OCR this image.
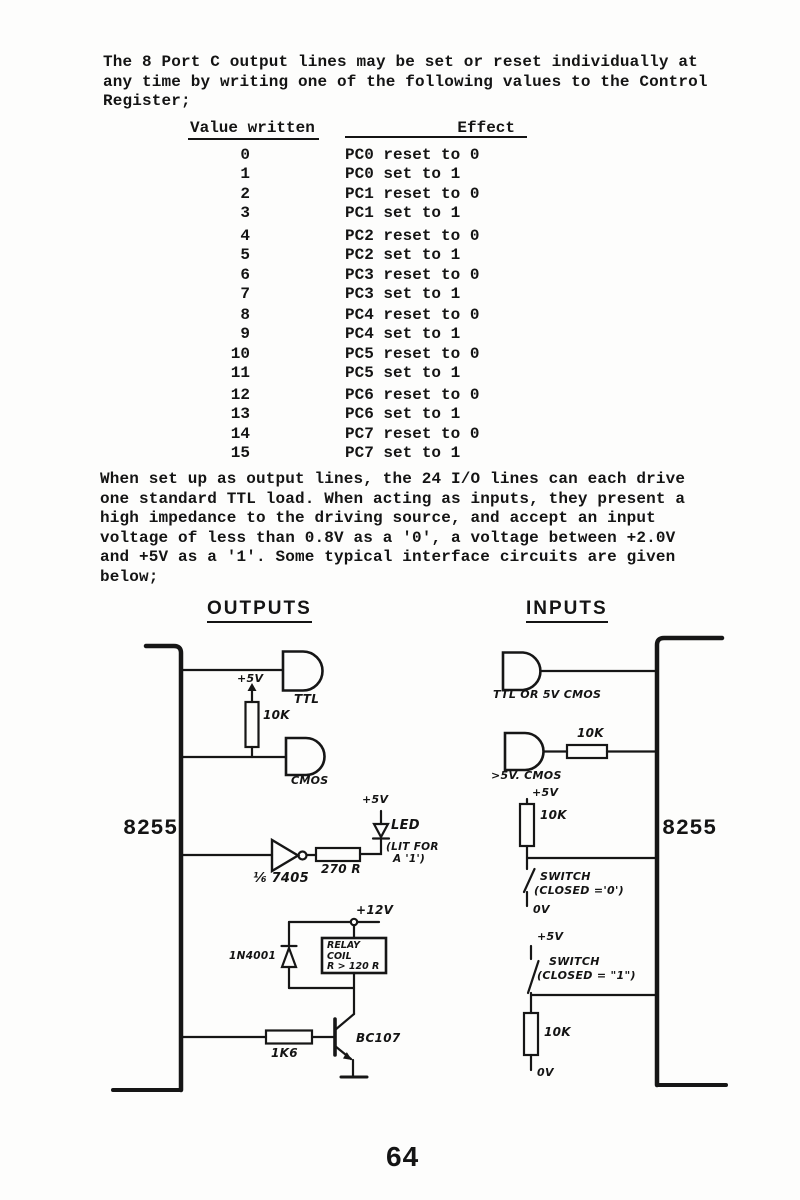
The 8 Port C output lines may be set or reset individually at
any time by writing one of the following values to the Control
Register;
Value written	Effect
0	PC0 reset to 0
1	PC0 set to 1
2	PC1 reset to 0
3	PC1 set to 1
4	PC2 reset to 0
5	PC2 set to 1
6	PC3 reset to 0
7	PC3 set to 1
8	PC4 reset to 0
9	PC4 set to 1
10	PC5 reset to 0
11	PC5 set to 1
12	PC6 reset to 0
13	PC6 set to 1
14	PC7 reset to 0
15	PC7 set to 1
When set up as output lines, the 24 I/O lines can each drive
one standard TTL load. When acting as inputs, they present a
high impedance to the driving source, and accept an input
voltage of less than 0.8V as a '0', a voltage between +2.0V
and +5V as a '1'. Some typical interface circuits are given
below;
OUTPUTS	INPUTS
8255	8255
+5V
TTL
10K
CMOS
⅙ 7405
270 R
+5V
LED
(LIT FOR
A '1')
+12V
1N4001
RELAY
COIL
R > 120 R
1K6
BC107
TTL OR 5V CMOS
10K
>5V. CMOS
+5V
10K
SWITCH
(CLOSED ='0')
0V
+5V
SWITCH
(CLOSED = "1")
10K
0V
64
